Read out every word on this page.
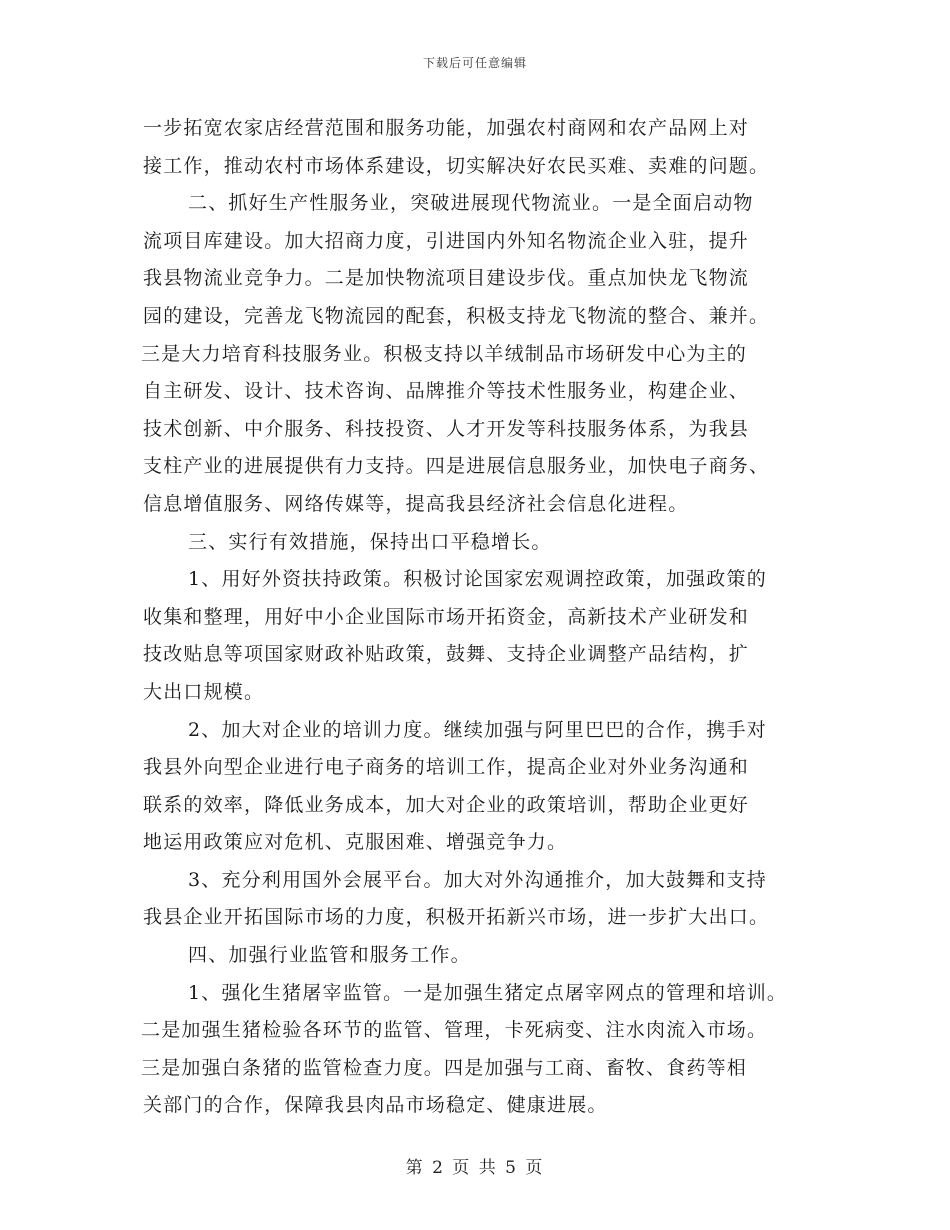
下载后可任意编辑
一步拓宽农家店经营范围和服务功能，加强农村商网和农产品网上对
接工作，推动农村市场体系建设，切实解决好农民买难、卖难的问题。
二、抓好生产性服务业，突破进展现代物流业。一是全面启动物
流项目库建设。加大招商力度，引进国内外知名物流企业入驻，提升
我县物流业竞争力。二是加快物流项目建设步伐。重点加快龙飞物流
园的建设，完善龙飞物流园的配套，积极支持龙飞物流的整合、兼并。
三是大力培育科技服务业。积极支持以羊绒制品市场研发中心为主的
自主研发、设计、技术咨询、品牌推介等技术性服务业，构建企业、
技术创新、中介服务、科技投资、人才开发等科技服务体系，为我县
支柱产业的进展提供有力支持。四是进展信息服务业，加快电子商务、
信息增值服务、网络传媒等，提高我县经济社会信息化进程。
三、实行有效措施，保持出口平稳增长。
1、用好外资扶持政策。积极讨论国家宏观调控政策，加强政策的
收集和整理，用好中小企业国际市场开拓资金，高新技术产业研发和
技改贴息等项国家财政补贴政策，鼓舞、支持企业调整产品结构，扩
大出口规模。
2、加大对企业的培训力度。继续加强与阿里巴巴的合作，携手对
我县外向型企业进行电子商务的培训工作，提高企业对外业务沟通和
联系的效率，降低业务成本，加大对企业的政策培训，帮助企业更好
地运用政策应对危机、克服困难、增强竞争力。
3、充分利用国外会展平台。加大对外沟通推介，加大鼓舞和支持
我县企业开拓国际市场的力度，积极开拓新兴市场，进一步扩大出口。
四、加强行业监管和服务工作。
1、强化生猪屠宰监管。一是加强生猪定点屠宰网点的管理和培训。
二是加强生猪检验各环节的监管、管理，卡死病变、注水肉流入市场。
三是加强白条猪的监管检查力度。四是加强与工商、畜牧、食药等相
关部门的合作，保障我县肉品市场稳定、健康进展。
第 2 页 共 5 页
